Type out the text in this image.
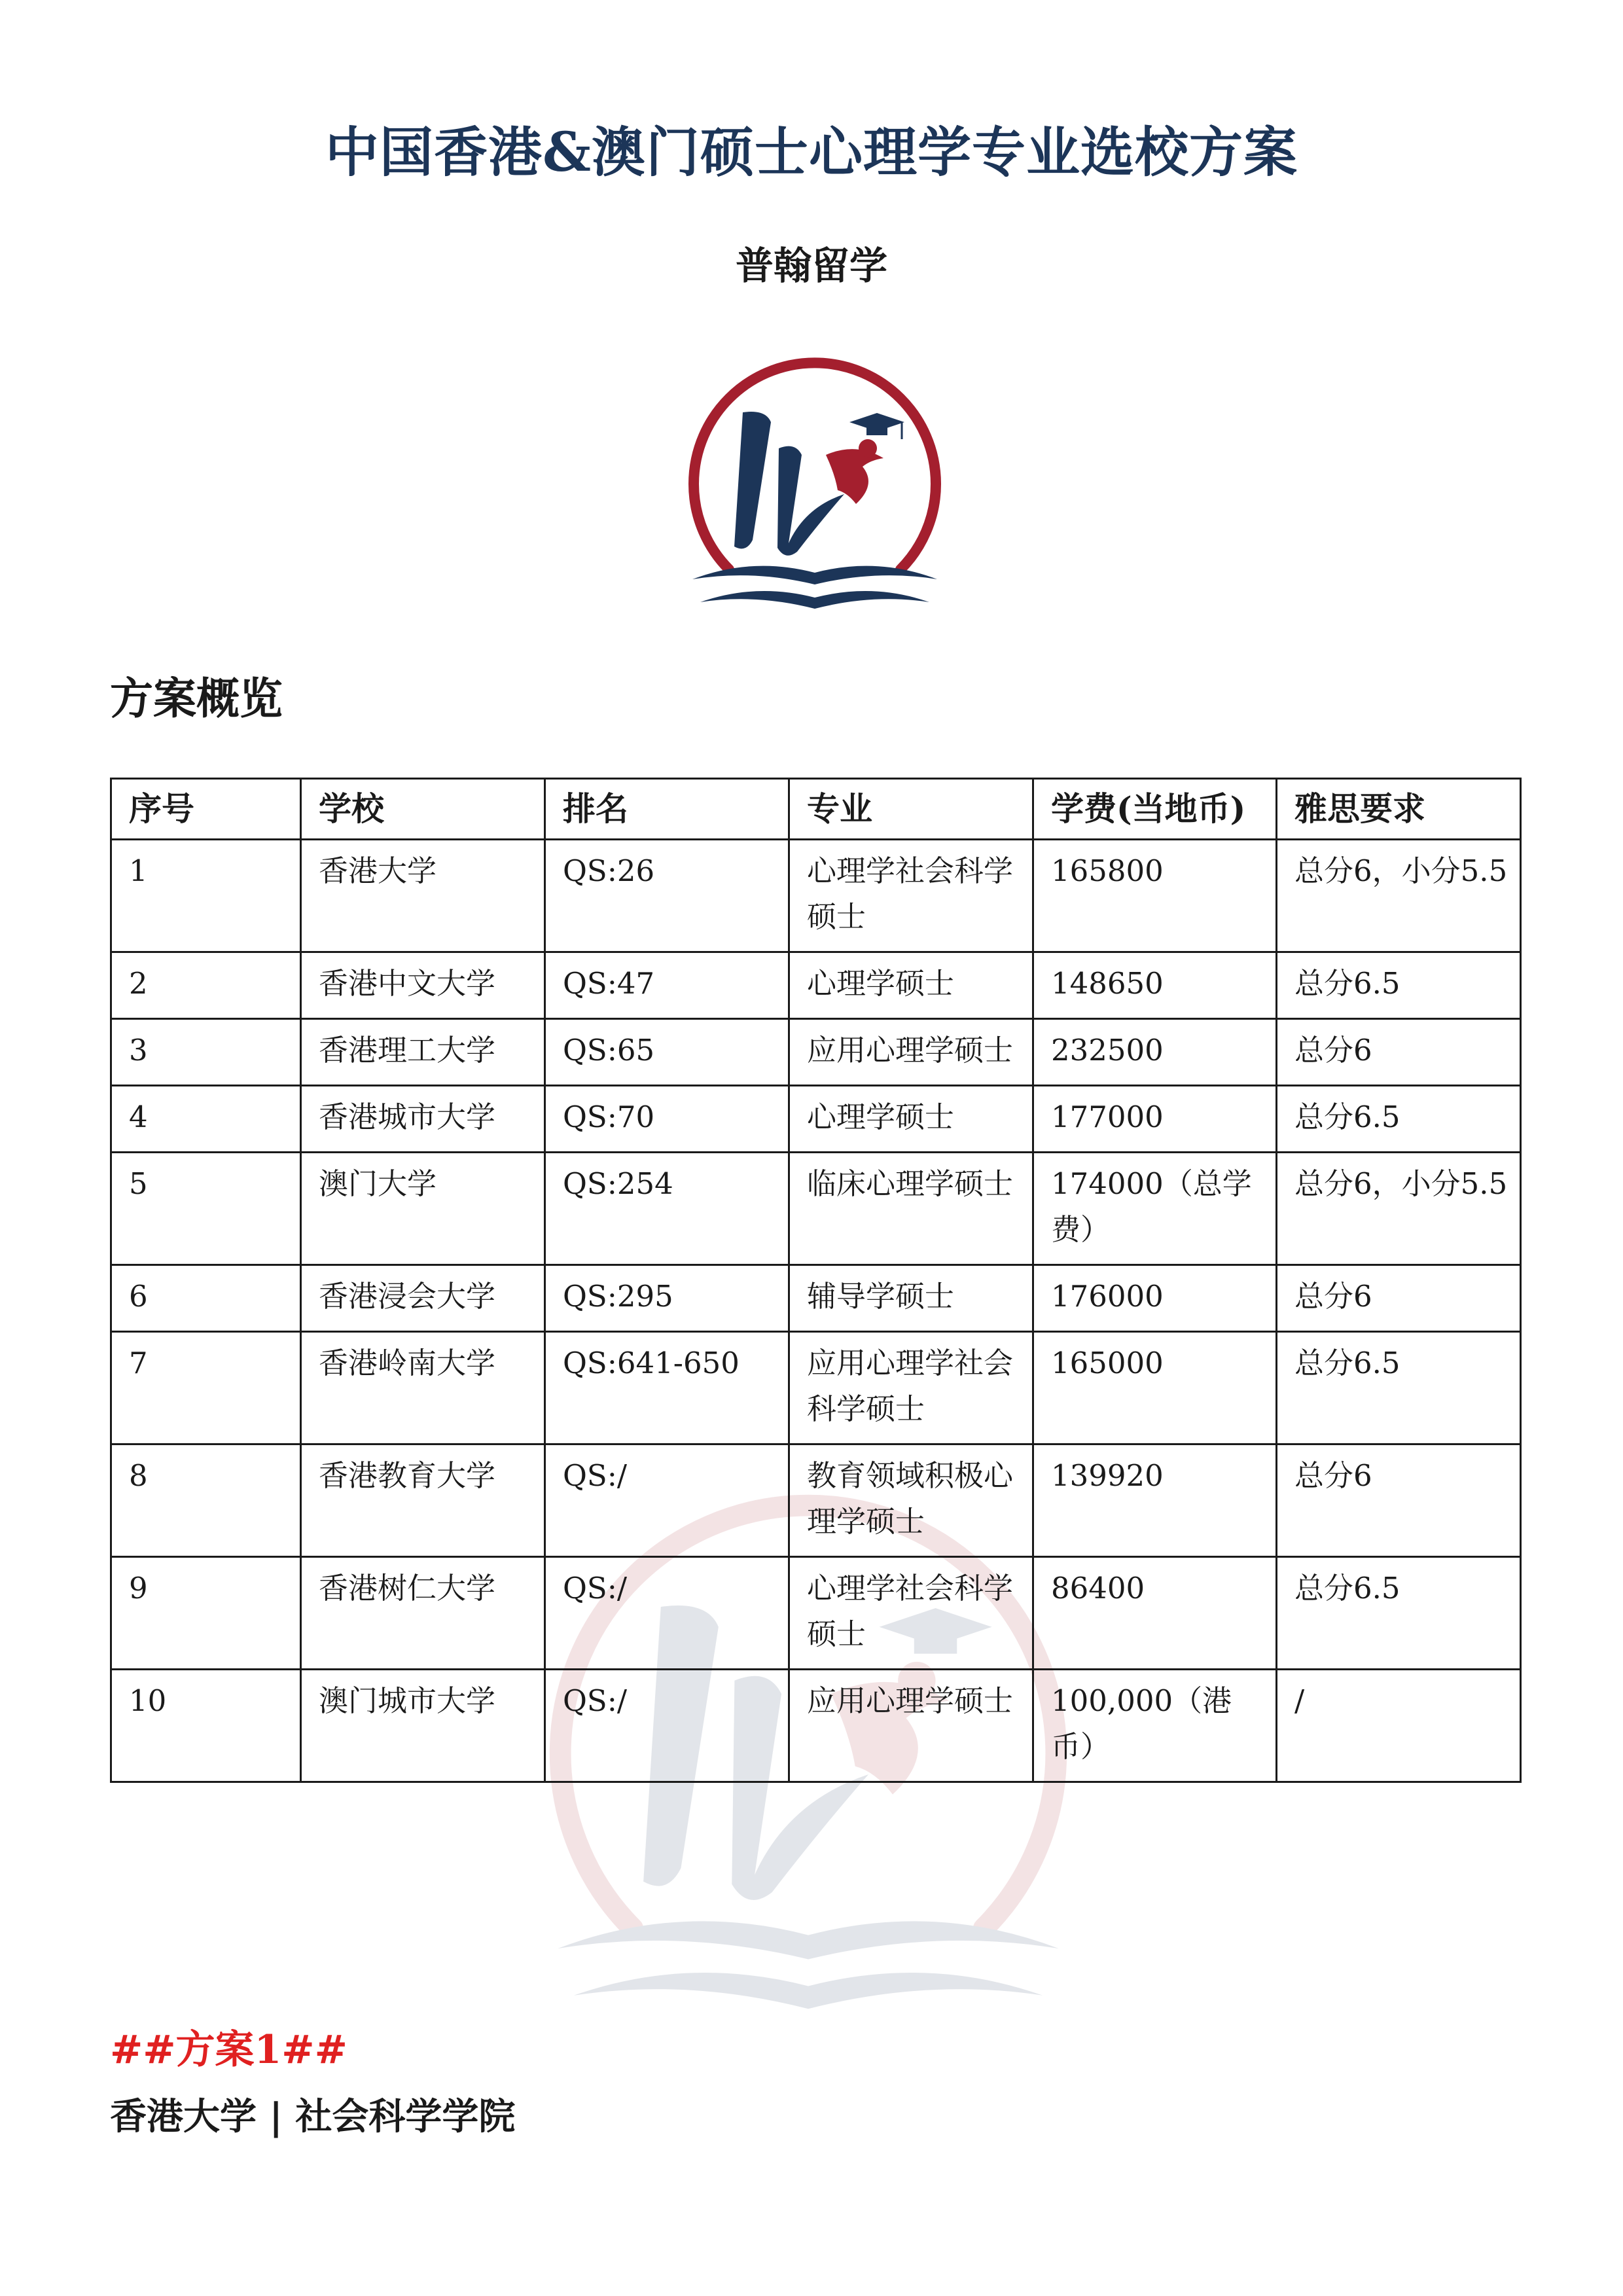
中国香港&澳门硕士心理学专业选校方案
普翰留学
方案概览
序号	学校	排名	专业	学费(当地币)	雅思要求
1	香港大学	QS:26	心理学社会科学硕士	165800	总分6，小分5.5
2	香港中文大学	QS:47	心理学硕士	148650	总分6.5
3	香港理工大学	QS:65	应用心理学硕士	232500	总分6
4	香港城市大学	QS:70	心理学硕士	177000	总分6.5
5	澳门大学	QS:254	临床心理学硕士	174000（总学费）	总分6，小分5.5
6	香港浸会大学	QS:295	辅导学硕士	176000	总分6
7	香港岭南大学	QS:641-650	应用心理学社会科学硕士	165000	总分6.5
8	香港教育大学	QS:/	教育领域积极心理学硕士	139920	总分6
9	香港树仁大学	QS:/	心理学社会科学硕士	86400	总分6.5
10	澳门城市大学	QS:/	应用心理学硕士	100,000（港币）	/
##方案1##
香港大学 | 社会科学学院
